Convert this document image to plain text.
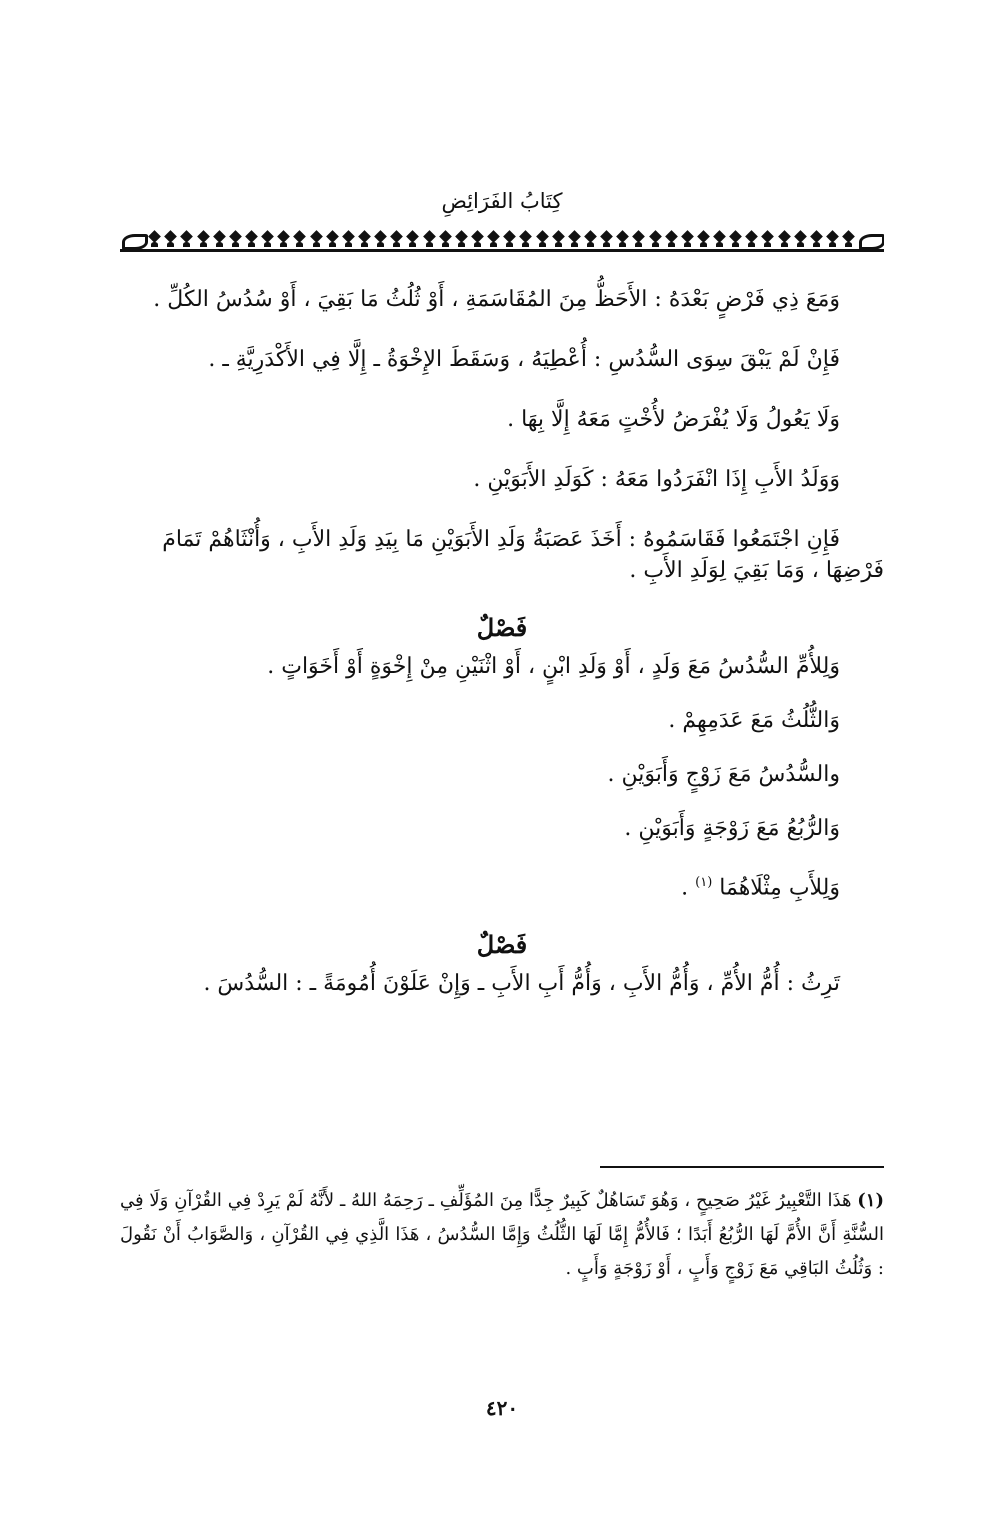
كِتَابُ الفَرَائِضِ

وَمَعَ ذِي فَرْضٍ بَعْدَهُ : الأَحَظُّ مِنَ المُقَاسَمَةِ ، أَوْ ثُلُثُ مَا بَقِيَ ، أَوْ سُدُسُ الكُلِّ .

فَإِنْ لَمْ يَبْقَ سِوَى السُّدُسِ : أُعْطِيَهُ ، وَسَقَطَ الإِخْوَةُ ـ إِلَّا فِي الأَكْدَرِيَّةِ ـ .

وَلَا يَعُولُ وَلَا يُفْرَضُ لأُخْتٍ مَعَهُ إِلَّا بِهَا .

وَوَلَدُ الأَبِ إِذَا انْفَرَدُوا مَعَهُ : كَوَلَدِ الأَبَوَيْنِ .

فَإِنِ اجْتَمَعُوا فَقَاسَمُوهُ : أَخَذَ عَصَبَةُ وَلَدِ الأَبَوَيْنِ مَا بِيَدِ وَلَدِ الأَبِ ، وَأُنْثَاهُمْ تَمَامَ فَرْضِهَا ، وَمَا بَقِيَ لِوَلَدِ الأَبِ .

فَصْلٌ

وَلِلأُمِّ السُّدُسُ مَعَ وَلَدٍ ، أَوْ وَلَدِ ابْنٍ ، أَوْ اثْنَيْنِ مِنْ إِخْوَةٍ أَوْ أَخَوَاتٍ .

وَالثُّلُثُ مَعَ عَدَمِهِمْ .

والسُّدُسُ مَعَ زَوْجٍ وَأَبَوَيْنِ .

وَالرُّبُعُ مَعَ زَوْجَةٍ وَأَبَوَيْنِ .

وَلِلأَبِ مِثْلَاهُمَا $^{(١)}$ .

فَصْلٌ

تَرِثُ : أُمُّ الأُمِّ ، وَأُمُّ الأَبِ ، وَأُمُّ أَبِ الأَبِ ـ وَإِنْ عَلَوْنَ أُمُومَةً ـ : السُّدُسَ .

(١) هَذَا التَّعْبِيرُ غَيْرُ صَحِيحٍ ، وَهُوَ تَسَاهُلٌ كَبِيرٌ جِدًّا مِنَ المُؤَلِّفِ ـ رَحِمَهُ اللهُ ـ لأَنَّهُ لَمْ يَرِدْ فِي القُرْآنِ وَلَا فِي السُّنَّةِ أَنَّ الأُمَّ لَهَا الرُّبُعُ أَبَدًا ؛ فَالأُمُّ إِمَّا لَهَا الثُّلُثُ وَإِمَّا السُّدُسُ ، هَذَا الَّذِي فِي القُرْآنِ ، وَالصَّوَابُ أَنْ نَقُولَ : وَثُلُثُ البَاقِي مَعَ زَوْجٍ وَأَبٍ ، أَوْ زَوْجَةٍ وَأَبٍ .

٤٢٠
